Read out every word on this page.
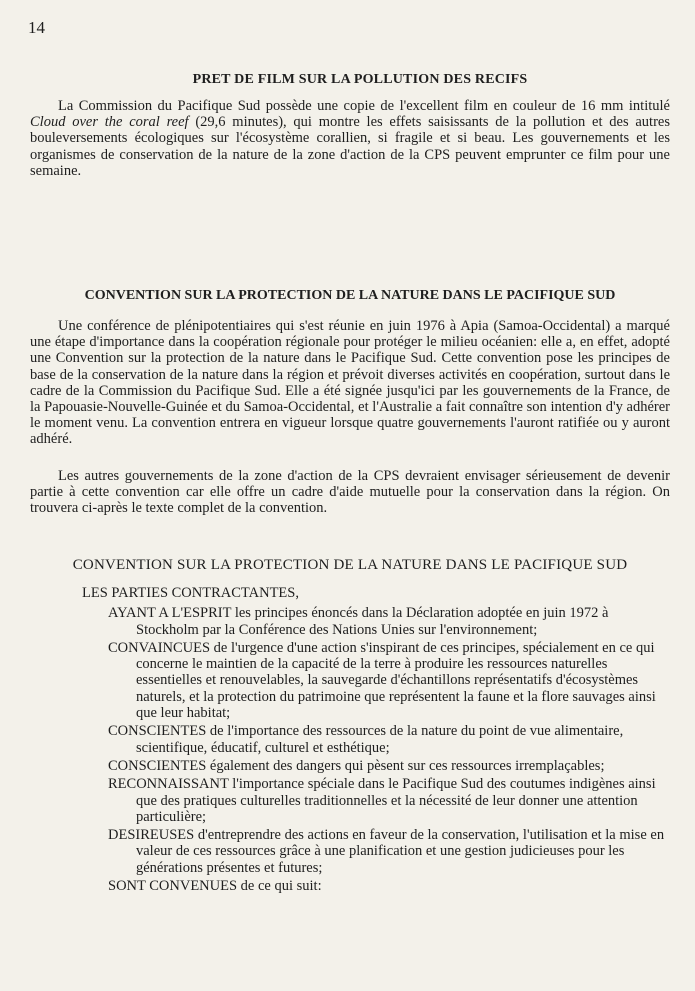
14
PRET DE FILM SUR LA POLLUTION DES RECIFS

La Commission du Pacifique Sud possède une copie de l'excellent film en couleur de 16 mm intitulé Cloud over the coral reef (29,6 minutes), qui montre les effets saisissants de la pollution et des autres bouleversements écologiques sur l'écosystème corallien, si fragile et si beau. Les gouvernements et les organismes de conservation de la nature de la zone d'action de la CPS peuvent emprunter ce film pour une semaine.

CONVENTION SUR LA PROTECTION DE LA NATURE DANS LE PACIFIQUE SUD

Une conférence de plénipotentiaires qui s'est réunie en juin 1976 à Apia (Samoa-Occidental) a marqué une étape d'importance dans la coopération régionale pour protéger le milieu océanien: elle a, en effet, adopté une Convention sur la protection de la nature dans le Pacifique Sud. Cette convention pose les principes de base de la conservation de la nature dans la région et prévoit diverses activités en coopération, surtout dans le cadre de la Commission du Pacifique Sud. Elle a été signée jusqu'ici par les gouvernements de la France, de la Papouasie-Nouvelle-Guinée et du Samoa-Occidental, et l'Australie a fait connaître son intention d'y adhérer le moment venu. La convention entrera en vigueur lorsque quatre gouvernements l'auront ratifiée ou y auront adhéré.

Les autres gouvernements de la zone d'action de la CPS devraient envisager sérieusement de devenir partie à cette convention car elle offre un cadre d'aide mutuelle pour la conservation dans la région. On trouvera ci-après le texte complet de la convention.

CONVENTION SUR LA PROTECTION DE LA NATURE DANS LE PACIFIQUE SUD
LES PARTIES CONTRACTANTES,
AYANT A L'ESPRIT les principes énoncés dans la Déclaration adoptée en juin 1972 à Stockholm par la Conférence des Nations Unies sur l'environnement;
CONVAINCUES de l'urgence d'une action s'inspirant de ces principes, spécialement en ce qui concerne le maintien de la capacité de la terre à produire les ressources naturelles essentielles et renouvelables, la sauvegarde d'échantillons représentatifs d'écosystèmes naturels, et la protection du patrimoine que représentent la faune et la flore sauvages ainsi que leur habitat;
CONSCIENTES de l'importance des ressources de la nature du point de vue alimentaire, scientifique, éducatif, culturel et esthétique;
CONSCIENTES également des dangers qui pèsent sur ces ressources irremplaçables;
RECONNAISSANT l'importance spéciale dans le Pacifique Sud des coutumes indigènes ainsi que des pratiques culturelles traditionnelles et la nécessité de leur donner une attention particulière;
DESIREUSES d'entreprendre des actions en faveur de la conservation, l'utilisation et la mise en valeur de ces ressources grâce à une planification et une gestion judicieuses pour les générations présentes et futures;
SONT CONVENUES de ce qui suit:
